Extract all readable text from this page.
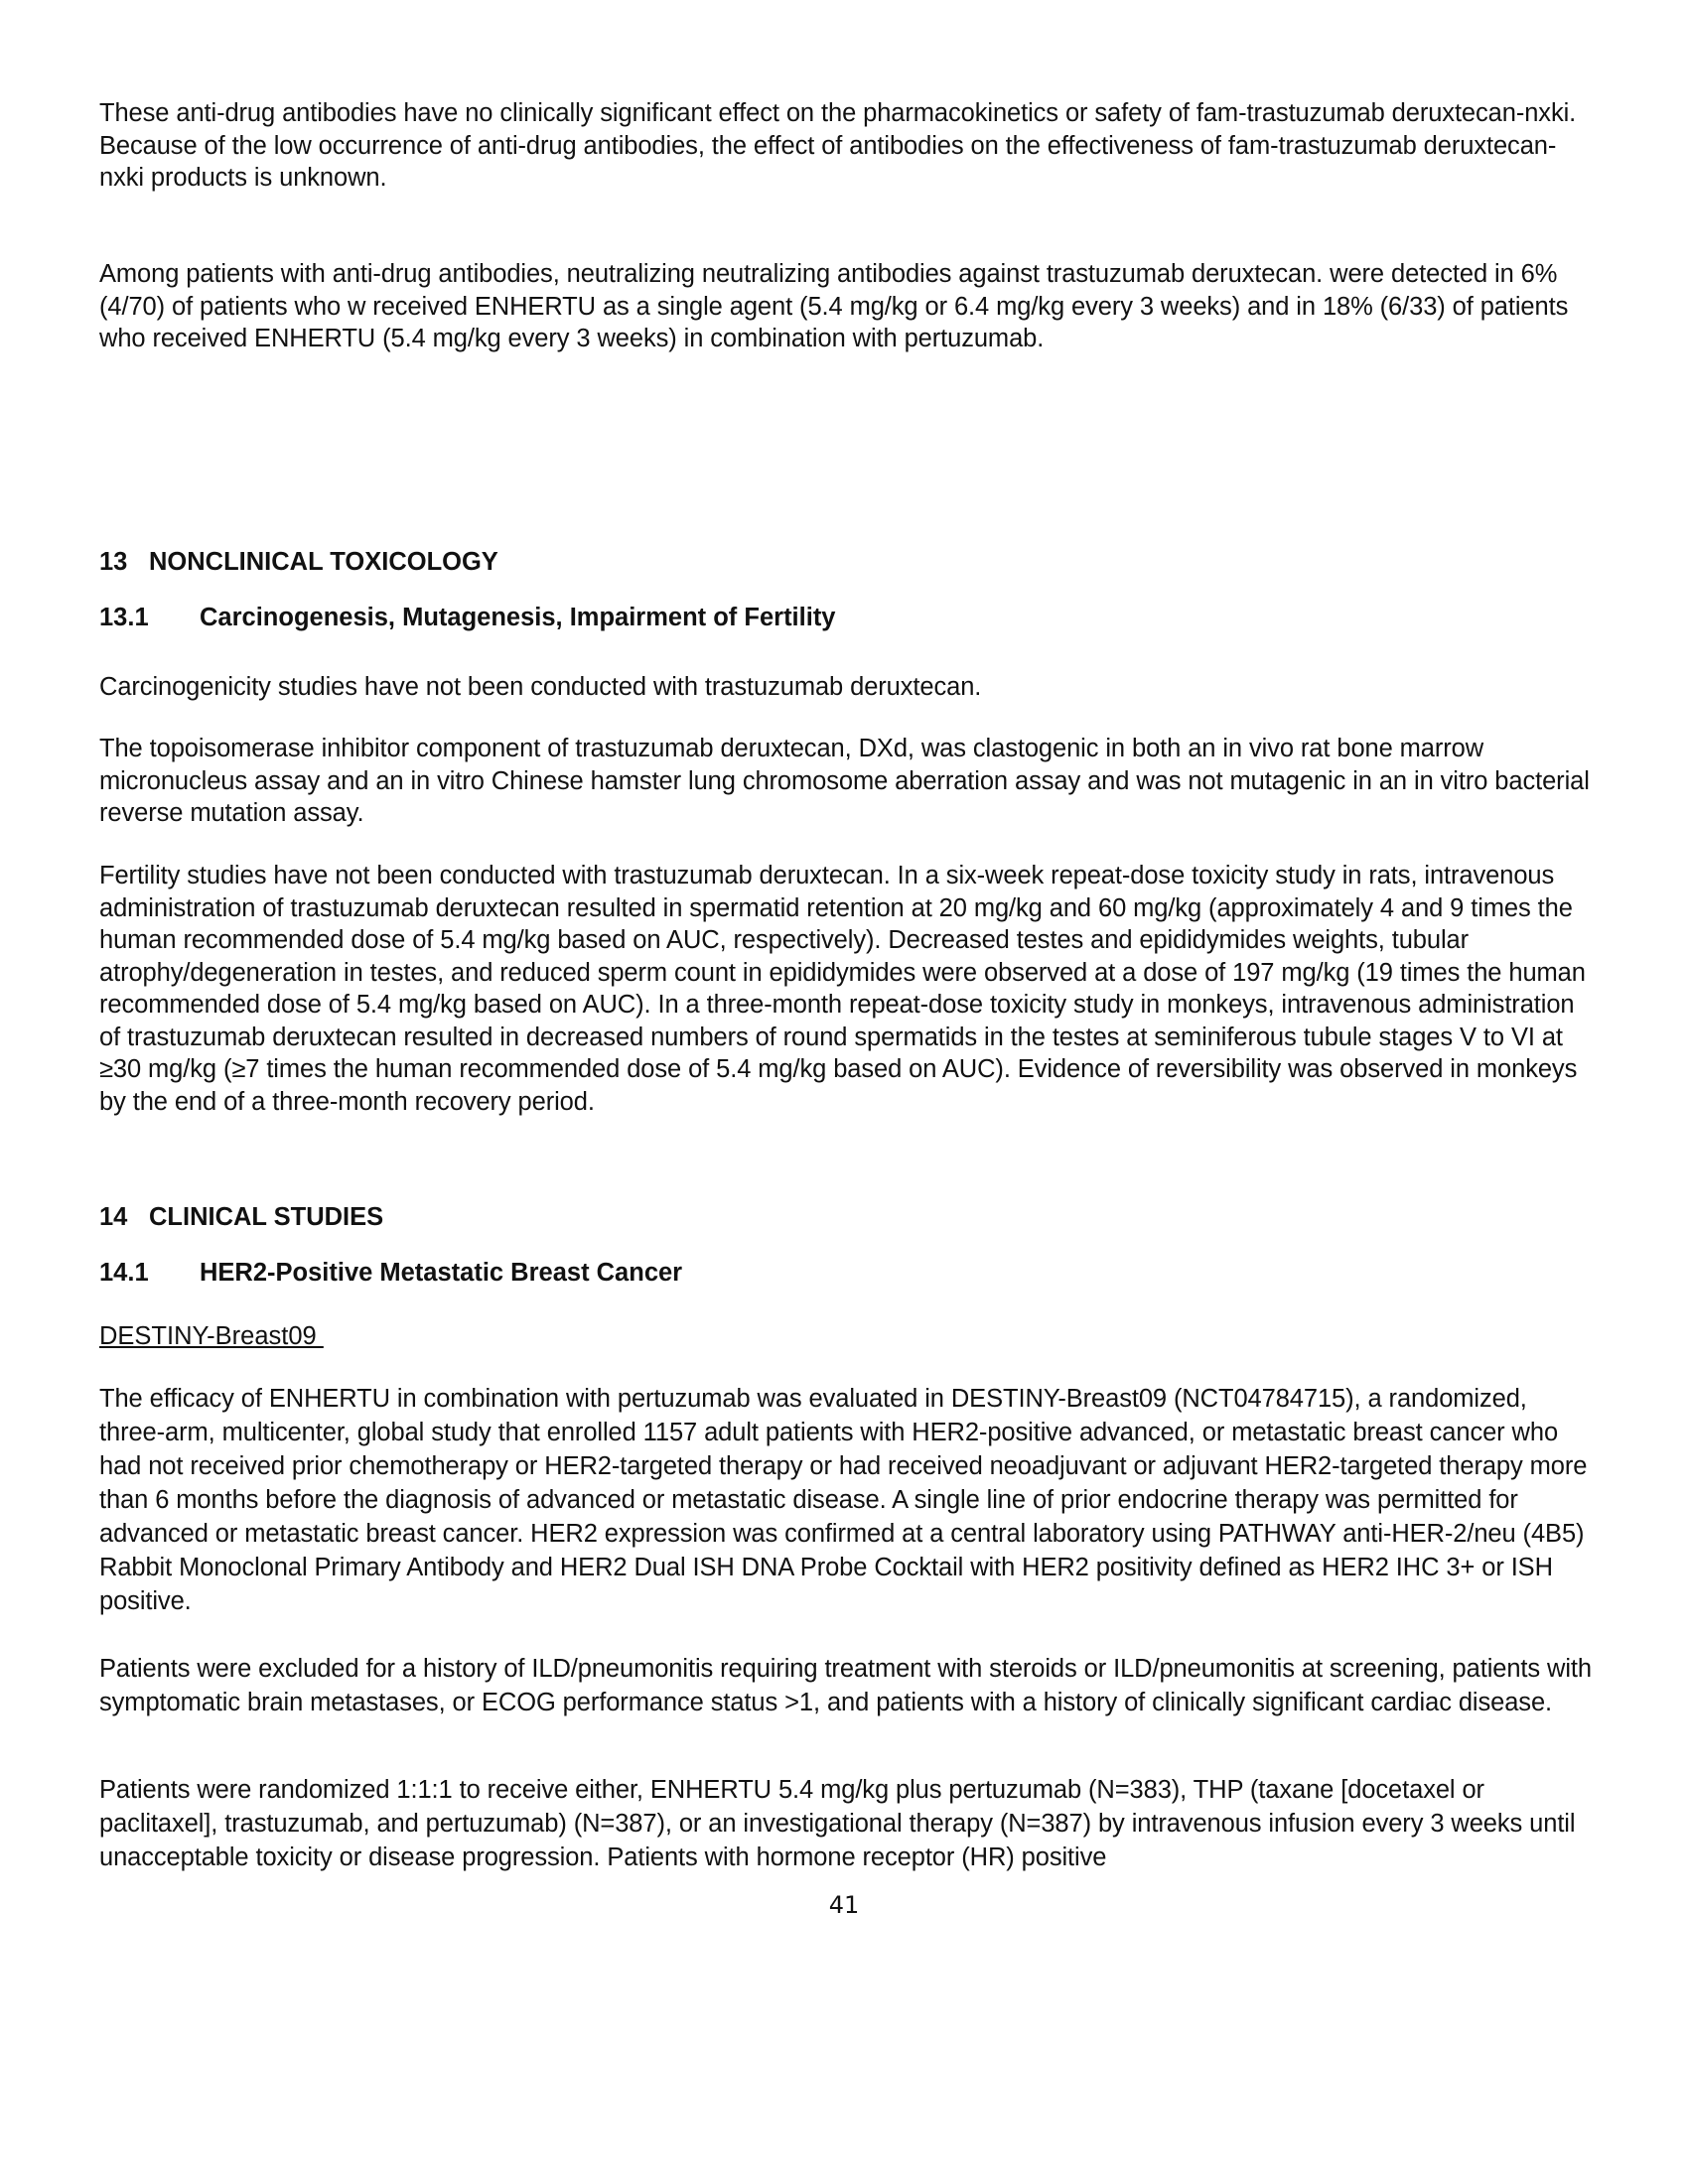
These anti-drug antibodies have no clinically significant effect on the pharmacokinetics or safety of fam-trastuzumab deruxtecan-nxki. Because of the low occurrence of anti-drug antibodies, the effect of antibodies on the effectiveness of fam-trastuzumab deruxtecan-nxki products is unknown.

Among patients with anti-drug antibodies, neutralizing neutralizing antibodies against trastuzumab deruxtecan. were detected in 6% (4/70) of patients who w received ENHERTU as a single agent (5.4 mg/kg or 6.4 mg/kg every 3 weeks) and in 18% (6/33) of patients who received ENHERTU (5.4 mg/kg every 3 weeks) in combination with pertuzumab.

13 NONCLINICAL TOXICOLOGY
13.1 Carcinogenesis, Mutagenesis, Impairment of Fertility

Carcinogenicity studies have not been conducted with trastuzumab deruxtecan.

The topoisomerase inhibitor component of trastuzumab deruxtecan, DXd, was clastogenic in both an in vivo rat bone marrow micronucleus assay and an in vitro Chinese hamster lung chromosome aberration assay and was not mutagenic in an in vitro bacterial reverse mutation assay.

Fertility studies have not been conducted with trastuzumab deruxtecan. In a six-week repeat-dose toxicity study in rats, intravenous administration of trastuzumab deruxtecan resulted in spermatid retention at 20 mg/kg and 60 mg/kg (approximately 4 and 9 times the human recommended dose of 5.4 mg/kg based on AUC, respectively). Decreased testes and epididymides weights, tubular atrophy/degeneration in testes, and reduced sperm count in epididymides were observed at a dose of 197 mg/kg (19 times the human recommended dose of 5.4 mg/kg based on AUC). In a three-month repeat-dose toxicity study in monkeys, intravenous administration of trastuzumab deruxtecan resulted in decreased numbers of round spermatids in the testes at seminiferous tubule stages V to VI at ≥30 mg/kg (≥7 times the human recommended dose of 5.4 mg/kg based on AUC). Evidence of reversibility was observed in monkeys by the end of a three-month recovery period.

14 CLINICAL STUDIES
14.1 HER2-Positive Metastatic Breast Cancer

DESTINY-Breast09

The efficacy of ENHERTU in combination with pertuzumab was evaluated in DESTINY-Breast09 (NCT04784715), a randomized, three-arm, multicenter, global study that enrolled 1157 adult patients with HER2-positive advanced, or metastatic breast cancer who had not received prior chemotherapy or HER2-targeted therapy or had received neoadjuvant or adjuvant HER2-targeted therapy more than 6 months before the diagnosis of advanced or metastatic disease. A single line of prior endocrine therapy was permitted for advanced or metastatic breast cancer. HER2 expression was confirmed at a central laboratory using PATHWAY anti-HER-2/neu (4B5) Rabbit Monoclonal Primary Antibody and HER2 Dual ISH DNA Probe Cocktail with HER2 positivity defined as HER2 IHC 3+ or ISH positive.

Patients were excluded for a history of ILD/pneumonitis requiring treatment with steroids or ILD/pneumonitis at screening, patients with symptomatic brain metastases, or ECOG performance status >1, and patients with a history of clinically significant cardiac disease.

Patients were randomized 1:1:1 to receive either, ENHERTU 5.4 mg/kg plus pertuzumab (N=383), THP (taxane [docetaxel or paclitaxel], trastuzumab, and pertuzumab) (N=387), or an investigational therapy (N=387) by intravenous infusion every 3 weeks until unacceptable toxicity or disease progression. Patients with hormone receptor (HR) positive

41
